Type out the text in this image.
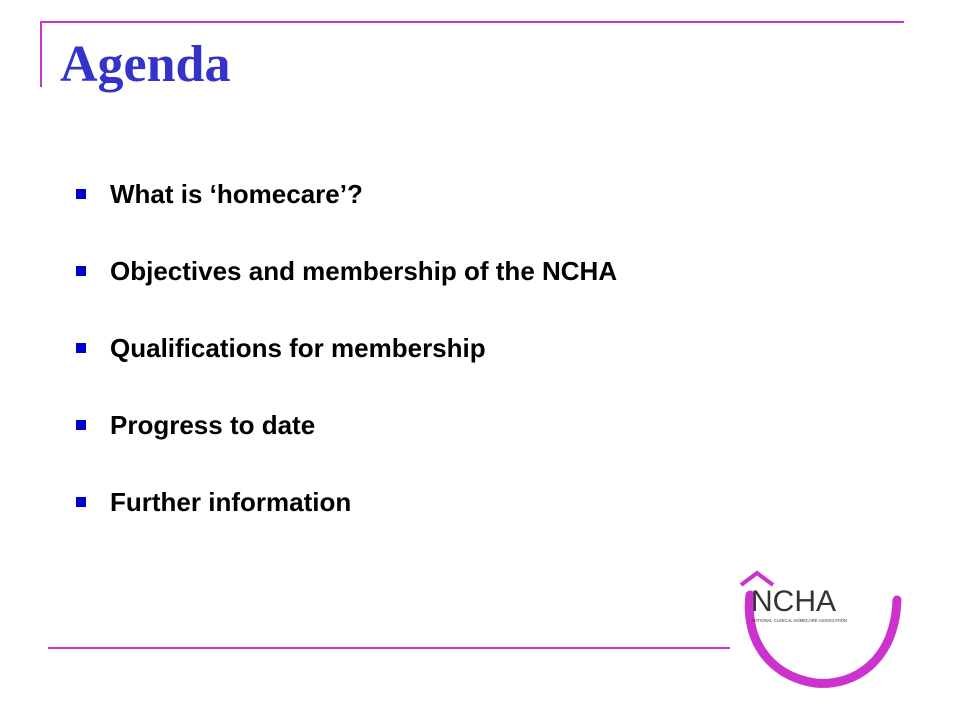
Agenda
What is ‘homecare’?
Objectives and membership of the NCHA
Qualifications for membership
Progress to date
Further information
NCHA
NATIONAL CLINICAL HOMECARE ASSOCIATION
